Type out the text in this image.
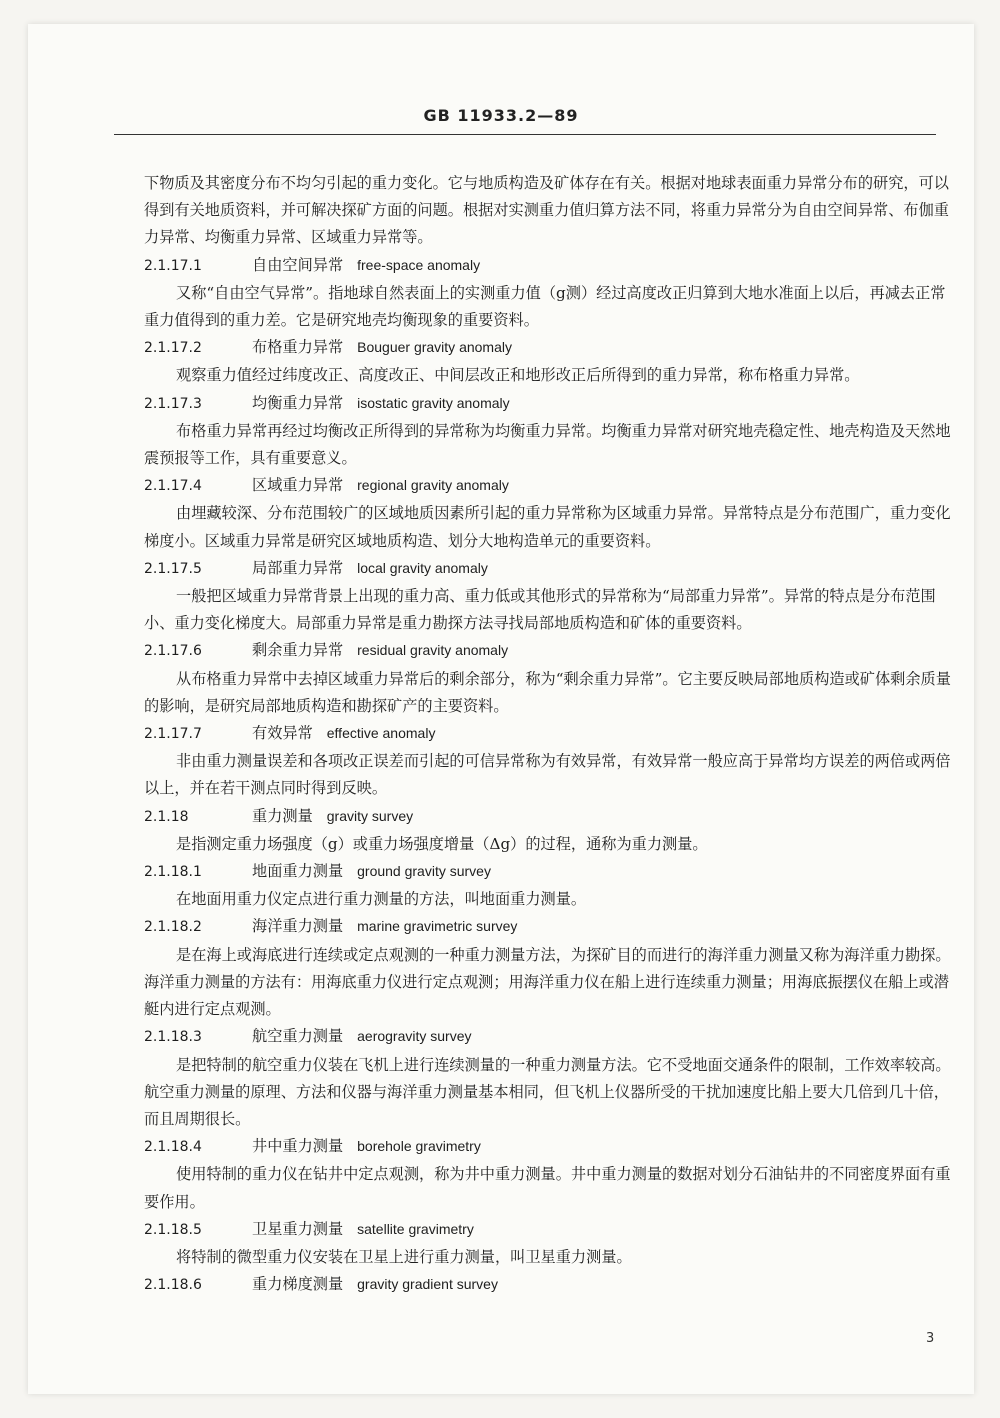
GB 11933.2—89

下物质及其密度分布不均匀引起的重力变化。它与地质构造及矿体存在有关。根据对地球表面重力异常分布的研究，可以得到有关地质资料，并可解决探矿方面的问题。根据对实测重力值归算方法不同，将重力异常分为自由空间异常、布伽重力异常、均衡重力异常、区域重力异常等。

2.1.17.1	自由空间异常 free-space anomaly

又称“自由空气异常”。指地球自然表面上的实测重力值（g测）经过高度改正归算到大地水准面上以后，再减去正常重力值得到的重力差。它是研究地壳均衡现象的重要资料。

2.1.17.2	布格重力异常 Bouguer gravity anomaly

观察重力值经过纬度改正、高度改正、中间层改正和地形改正后所得到的重力异常，称布格重力异常。

2.1.17.3	均衡重力异常 isostatic gravity anomaly

布格重力异常再经过均衡改正所得到的异常称为均衡重力异常。均衡重力异常对研究地壳稳定性、地壳构造及天然地震预报等工作，具有重要意义。

2.1.17.4	区域重力异常 regional gravity anomaly

由埋藏较深、分布范围较广的区域地质因素所引起的重力异常称为区域重力异常。异常特点是分布范围广，重力变化梯度小。区域重力异常是研究区域地质构造、划分大地构造单元的重要资料。

2.1.17.5	局部重力异常 local gravity anomaly

一般把区域重力异常背景上出现的重力高、重力低或其他形式的异常称为“局部重力异常”。异常的特点是分布范围小、重力变化梯度大。局部重力异常是重力勘探方法寻找局部地质构造和矿体的重要资料。

2.1.17.6	剩余重力异常 residual gravity anomaly

从布格重力异常中去掉区域重力异常后的剩余部分，称为“剩余重力异常”。它主要反映局部地质构造或矿体剩余质量的影响，是研究局部地质构造和勘探矿产的主要资料。

2.1.17.7	有效异常 effective anomaly

非由重力测量误差和各项改正误差而引起的可信异常称为有效异常，有效异常一般应高于异常均方误差的两倍或两倍以上，并在若干测点同时得到反映。

2.1.18	重力测量 gravity survey

是指测定重力场强度（g）或重力场强度增量（Δg）的过程，通称为重力测量。

2.1.18.1	地面重力测量 ground gravity survey

在地面用重力仪定点进行重力测量的方法，叫地面重力测量。

2.1.18.2	海洋重力测量 marine gravimetric survey

是在海上或海底进行连续或定点观测的一种重力测量方法，为探矿目的而进行的海洋重力测量又称为海洋重力勘探。海洋重力测量的方法有：用海底重力仪进行定点观测；用海洋重力仪在船上进行连续重力测量；用海底振摆仪在船上或潜艇内进行定点观测。

2.1.18.3	航空重力测量 aerogravity survey

是把特制的航空重力仪装在飞机上进行连续测量的一种重力测量方法。它不受地面交通条件的限制，工作效率较高。航空重力测量的原理、方法和仪器与海洋重力测量基本相同，但飞机上仪器所受的干扰加速度比船上要大几倍到几十倍，而且周期很长。

2.1.18.4	井中重力测量 borehole gravimetry

使用特制的重力仪在钻井中定点观测，称为井中重力测量。井中重力测量的数据对划分石油钻井的不同密度界面有重要作用。

2.1.18.5	卫星重力测量 satellite gravimetry

将特制的微型重力仪安装在卫星上进行重力测量，叫卫星重力测量。

2.1.18.6	重力梯度测量 gravity gradient survey

3
